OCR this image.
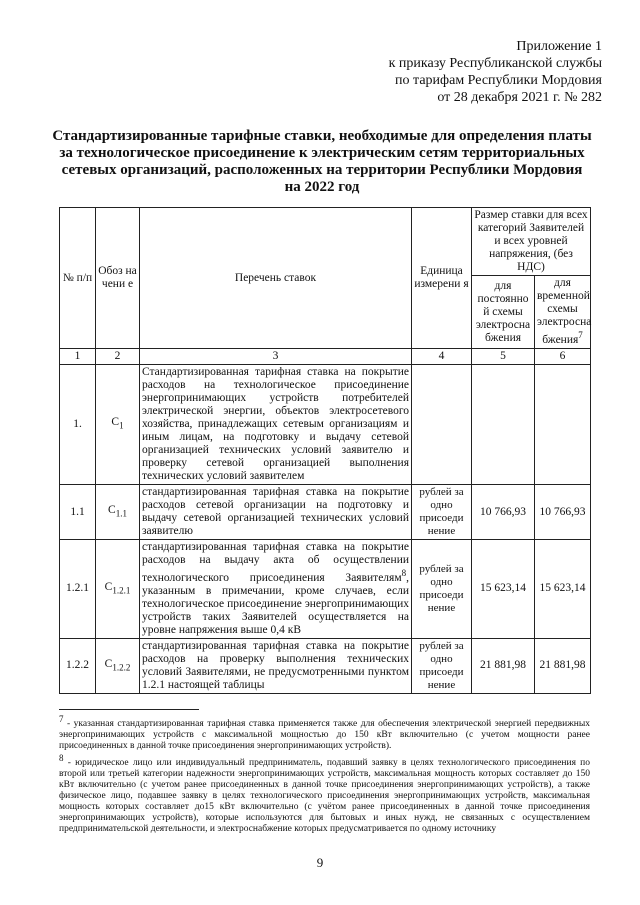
Приложение 1
к приказу Республиканской службы
по тарифам Республики Мордовия
от 28 декабря 2021 г. № 282
Стандартизированные тарифные ставки, необходимые для определения платы за технологическое присоединение к электрическим сетям территориальных сетевых организаций, расположенных на территории Республики Мордовия на 2022 год
№ п/п	Обоз на чени е	Перечень ставок	Единица измерени я	Размер ставки для всех категорий Заявителей и всех уровней напряжения, (без НДС)	
				для постоянно й схемы электросна бжения	для временной схемы электросна бжения$^7$
1	2	3	4	5	6
1.	$C_1$	Стандартизированная тарифная ставка на покрытие расходов на технологическое присоединение энергопринимающих устройств потребителей электрической энергии, объектов электросетевого хозяйства, принадлежащих сетевым организациям и иным лицам, на подготовку и выдачу сетевой организацией технических условий заявителю и проверку сетевой организацией выполнения технических условий заявителем			
1.1	$C_{1.1}$	стандартизированная тарифная ставка на покрытие расходов сетевой организации на подготовку и выдачу сетевой организацией технических условий заявителю	рублей за одно присоеди нение	10 766,93	10 766,93
1.2.1	$C_{1.2.1}$	стандартизированная тарифная ставка на покрытие расходов на выдачу акта об осуществлении технологического присоединения Заявителям$^8$, указанным в примечании, кроме случаев, если технологическое присоединение энергопринимающих устройств таких Заявителей осуществляется на уровне напряжения выше 0,4 кВ	рублей за одно присоеди нение	15 623,14	15 623,14
1.2.2	$C_{1.2.2}$	стандартизированная тарифная ставка на покрытие расходов на проверку выполнения технических условий Заявителями, не предусмотренными пунктом 1.2.1 настоящей таблицы	рублей за одно присоеди нение	21 881,98	21 881,98

$^7$ - указанная стандартизированная тарифная ставка применяется также для обеспечения электрической энергией передвижных энергопринимающих устройств с максимальной мощностью до 150 кВт включительно (с учетом мощности ранее присоединенных в данной точке присоединения энергопринимающих устройств).

$^8$ - юридическое лицо или индивидуальный предприниматель, подавший заявку в целях технологического присоединения по второй или третьей категории надежности энергопринимающих устройств, максимальная мощность которых составляет до 150 кВт включительно (с учетом ранее присоединенных в данной точке присоединения энергопринимающих устройств), а также физическое лицо, подавшее заявку в целях технологического присоединения энергопринимающих устройств, максимальная мощность которых составляет до15 кВт включительно (с учётом ранее присоединенных в данной точке присоединения энергопринимающих устройств), которые используются для бытовых и иных нужд, не связанных с осуществлением предпринимательской деятельности, и электроснабжение которых предусматривается по одному источнику

9
